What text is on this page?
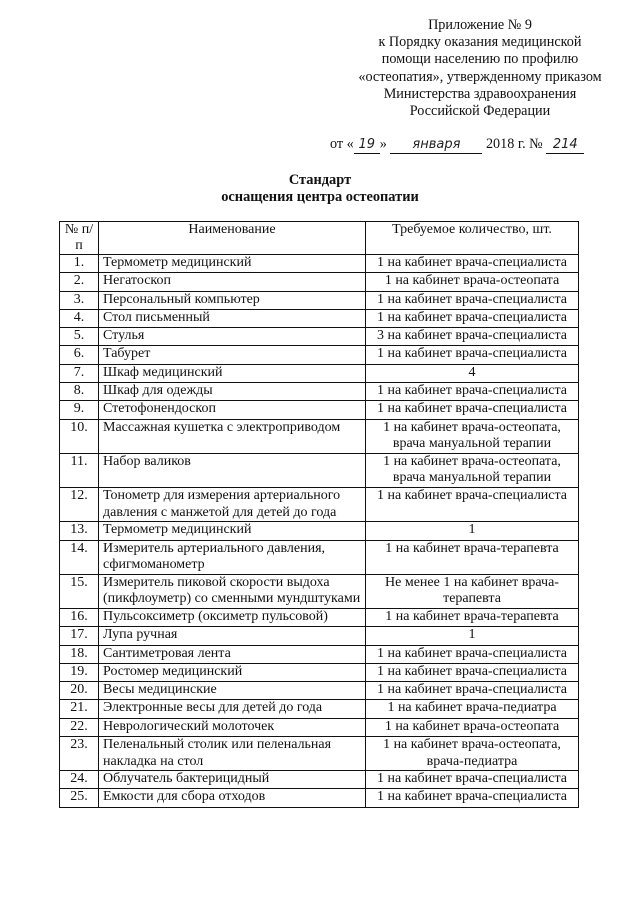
Приложение № 9
к Порядку оказания медицинской
помощи населению по профилю
«остеопатия», утвержденному приказом
Министерства здравоохранения
Российской Федерации
от « 19 » января 2018 г. № 214
Стандарт
оснащения центра остеопатии
№ п/п	Наименование	Требуемое количество, шт.
1.	Термометр медицинский	1 на кабинет врача-специалиста
2.	Негатоскоп	1 на кабинет врача-остеопата
3.	Персональный компьютер	1 на кабинет врача-специалиста
4.	Стол письменный	1 на кабинет врача-специалиста
5.	Стулья	3 на кабинет врача-специалиста
6.	Табурет	1 на кабинет врача-специалиста
7.	Шкаф медицинский	4
8.	Шкаф для одежды	1 на кабинет врача-специалиста
9.	Стетофонендоскоп	1 на кабинет врача-специалиста
10.	Массажная кушетка с электроприводом	1 на кабинет врача-остеопата, врача мануальной терапии
11.	Набор валиков	1 на кабинет врача-остеопата, врача мануальной терапии
12.	Тонометр для измерения артериального давления с манжетой для детей до года	1 на кабинет врача-специалиста
13.	Термометр медицинский	1
14.	Измеритель артериального давления, сфигмоманометр	1 на кабинет врача-терапевта
15.	Измеритель пиковой скорости выдоха (пикфлоуметр) со сменными мундштуками	Не менее 1 на кабинет врача-терапевта
16.	Пульсоксиметр (оксиметр пульсовой)	1 на кабинет врача-терапевта
17.	Лупа ручная	1
18.	Сантиметровая лента	1 на кабинет врача-специалиста
19.	Ростомер медицинский	1 на кабинет врача-специалиста
20.	Весы медицинские	1 на кабинет врача-специалиста
21.	Электронные весы для детей до года	1 на кабинет врача-педиатра
22.	Неврологический молоточек	1 на кабинет врача-остеопата
23.	Пеленальный столик или пеленальная накладка на стол	1 на кабинет врача-остеопата, врача-педиатра
24.	Облучатель бактерицидный	1 на кабинет врача-специалиста
25.	Емкости для сбора отходов	1 на кабинет врача-специалиста
